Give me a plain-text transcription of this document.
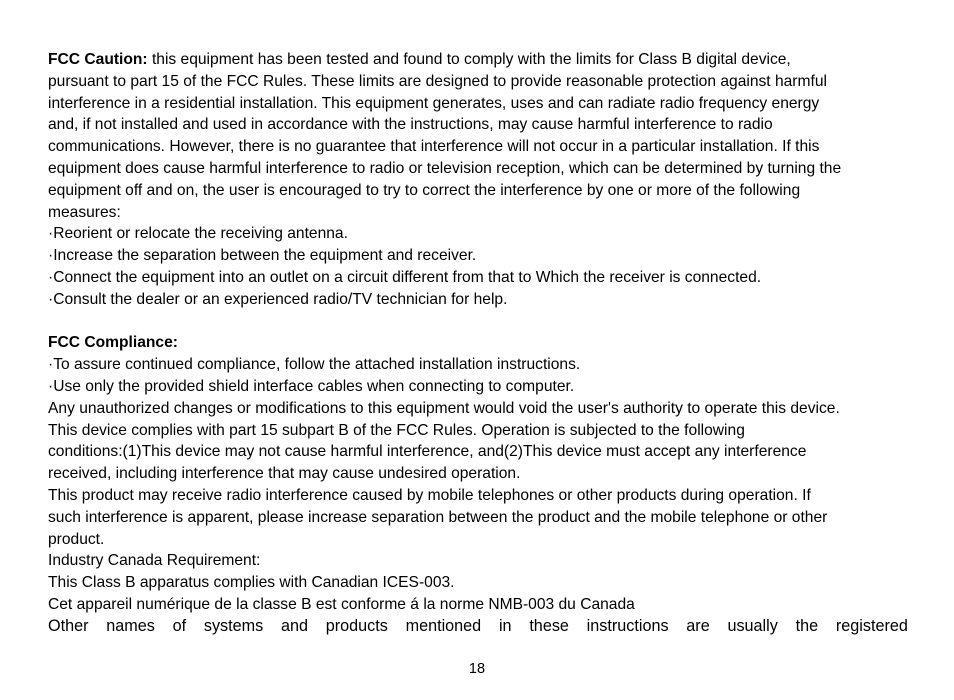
FCC Caution: this equipment has been tested and found to comply with the limits for Class B digital device,
pursuant to part 15 of the FCC Rules. These limits are designed to provide reasonable protection against harmful
interference in a residential installation. This equipment generates, uses and can radiate radio frequency energy
and, if not installed and used in accordance with the instructions, may cause harmful interference to radio
communications. However, there is no guarantee that interference will not occur in a particular installation. If this
equipment does cause harmful interference to radio or television reception, which can be determined by turning the
equipment off and on, the user is encouraged to try to correct the interference by one or more of the following
measures:
·Reorient or relocate the receiving antenna.
·Increase the separation between the equipment and receiver.
·Connect the equipment into an outlet on a circuit different from that to Which the receiver is connected.
·Consult the dealer or an experienced radio/TV technician for help.
FCC Compliance:
·To assure continued compliance, follow the attached installation instructions.
·Use only the provided shield interface cables when connecting to computer.
Any unauthorized changes or modifications to this equipment would void the user's authority to operate this device.
This device complies with part 15 subpart B of the FCC Rules. Operation is subjected to the following
conditions:(1)This device may not cause harmful interference, and(2)This device must accept any interference
received, including interference that may cause undesired operation.
This product may receive radio interference caused by mobile telephones or other products during operation. If
such interference is apparent, please increase separation between the product and the mobile telephone or other
product.
Industry Canada Requirement:
This Class B apparatus complies with Canadian ICES-003.
Cet appareil numérique de la classe B est conforme á la norme NMB-003 du Canada
Other names of systems and products mentioned in these instructions are usually the registered
18
